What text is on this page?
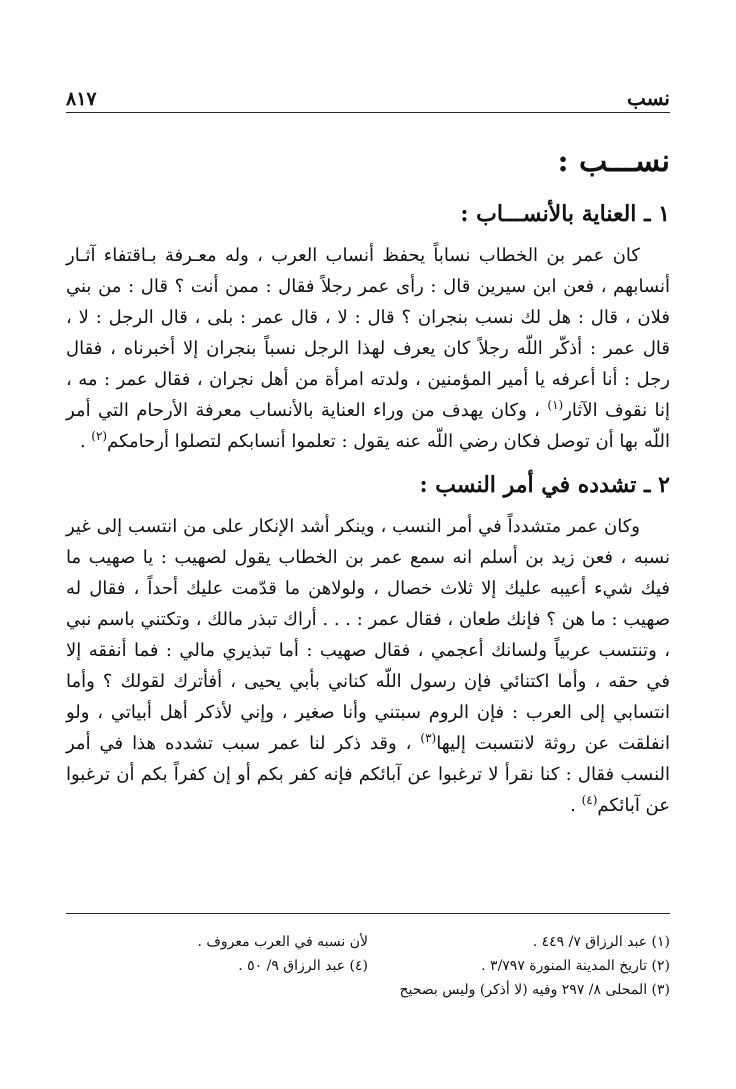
٨١٧	نسب
نســـب :
١ ـ العناية بالأنســـاب :

كان عمر بن الخطاب نساباً يحفظ أنساب العرب ، وله معـرفة بـاقتفاء آثـار أنسابهم ، فعن ابن سيرين قال : رأى عمر رجلاً فقال : ممن أنت ؟ قال : من بني فلان ، قال : هل لك نسب بنجران ؟ قال : لا ، قال عمر : بلى ، قال الرجل : لا ، قال عمر : أذكّر اللّه رجلاً كان يعرف لهذا الرجل نسباً بنجران إلا أخبرناه ، فقال رجل : أنا أعرفه يا أمير المؤمنين ، ولدته امرأة من أهل نجران ، فقال عمر : مه ، إنا نقوف الآثار$^{(١)}$ ، وكان يهدف من وراء العناية بالأنساب معرفة الأرحام التي أمر اللّه بها أن توصل فكان رضي اللّه عنه يقول : تعلموا أنسابكم لتصلوا أرحامكم$^{(٢)}$ .

٢ ـ تشدده في أمر النسب :

وكان عمر متشدداً في أمر النسب ، وينكر أشد الإنكار على من انتسب إلى غير نسبه ، فعن زيد بن أسلم انه سمع عمر بن الخطاب يقول لصهيب : يا صهيب ما فيك شيء أعيبه عليك إلا ثلاث خصال ، ولولاهن ما قدّمت عليك أحداً ، فقال له صهيب : ما هن ؟ فإنك طعان ، فقال عمر : . . . أراك تبذر مالك ، وتكتني باسم نبي ، وتنتسب عربياً ولسانك أعجمي ، فقال صهيب : أما تبذيري مالي : فما أنفقه إلا في حقه ، وأما اكتنائي فإن رسول اللّه كناني بأبي يحيى ، أفأترك لقولك ؟ وأما انتسابي إلى العرب : فإن الروم سبتني وأنا صغير ، وإني لأذكر أهل أبياتي ، ولو انفلقت عن روثة لانتسبت إليها$^{(٣)}$ ، وقد ذكر لنا عمر سبب تشدده هذا في أمر النسب فقال : كنا نقرأ لا ترغبوا عن آبائكم فإنه كفر بكم أو إن كفراً بكم أن ترغبوا عن آبائكم$^{(٤)}$ .

(١) عبد الرزاق ٧/ ٤٤٩ .
لأن نسبه في العرب معروف .
(٢) تاريخ المدينة المنورة ٣/٧٩٧ .
(٤) عبد الرزاق ٩/ ٥٠ .
(٣) المحلى ٨/ ٢٩٧ وفيه (لا أذكر) وليس بصحيح
